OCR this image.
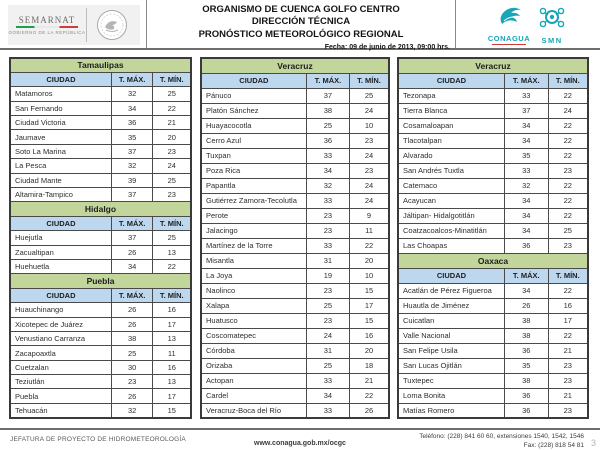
SEMARNAT
GOBIERNO DE LA REPÚBLICA
ORGANISMO DE CUENCA GOLFO CENTRO
DIRECCIÓN TÉCNICA
PRONÓSTICO METEOROLÓGICO REGIONAL
Fecha: 09 de junio de 2013, 09:00 hrs.
CONAGUA	SMN
Tamaulipas		
CIUDAD	T. MÁX.	T. MÍN.
Matamoros	32	25
San Fernando	34	22
Ciudad Victoria	36	21
Jaumave	35	20
Soto La Marina	37	23
La Pesca	32	24
Ciudad Mante	39	25
Altamira-Tampico	37	23
Hidalgo		
CIUDAD	T. MÁX.	T. MÍN.
Huejutla	37	25
Zacualtipan	26	13
Huehuetla	34	22
Puebla		
CIUDAD	T. MÁX.	T. MÍN.
Huauchinango	26	16
Xicotepec de Juárez	26	17
Venustiano Carranza	38	13
Zacapoaxtla	25	11
Cuetzalan	30	16
Teziutlán	23	13
Puebla	26	17
Tehuacán	32	15
Veracruz		
CIUDAD	T. MÁX.	T. MÍN.
Pánuco	37	25
Platón Sánchez	38	24
Huayacocotla	25	10
Cerro Azul	36	23
Tuxpan	33	24
Poza Rica	34	23
Papantla	32	24
Gutiérrez Zamora-Tecolutla	33	24
Perote	23	9
Jalacingo	23	11
Martínez de la Torre	33	22
Misantla	31	20
La Joya	19	10
Naolinco	23	15
Xalapa	25	17
Huatusco	23	15
Coscomatepec	24	16
Córdoba	31	20
Orizaba	25	18
Actopan	33	21
Cardel	34	22
Veracruz-Boca del Río	33	26
Veracruz		
CIUDAD	T. MÁX.	T. MÍN.
Tezonapa	33	22
Tierra Blanca	37	24
Cosamaloapan	34	22
Tlacotalpan	34	22
Alvarado	35	22
San Andrés Tuxtla	33	23
Catemaco	32	22
Acayucan	34	22
Jáltipan- Hidalgotitlán	34	22
Coatzacoalcos-Minatitlán	34	25
Las Choapas	36	23
Oaxaca		
CIUDAD	T. MÁX.	T. MÍN.
Acatlán de Pérez Figueroa	34	22
Huautla de Jiménez	26	16
Cuicatlan	38	17
Valle Nacional	38	22
San Felipe Usila	36	21
San Lucas Ojitlán	35	23
Tuxtepec	38	23
Loma Bonita	36	21
Matías Romero	36	23
JEFATURA DE PROYECTO DE HIDROMETEOROLOGÍA
www.conagua.gob.mx/ocgc
Teléfono: (228) 841 60 60, extensiones 1540, 1542, 1546
Fax: (228) 818 54 81 3
